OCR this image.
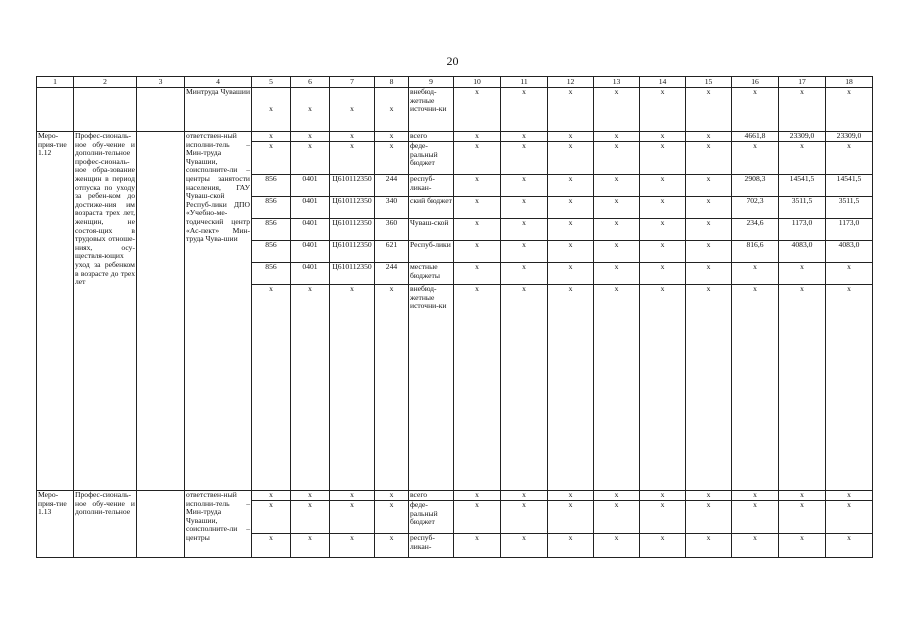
20
1	2	3	4	5	6	7	8	9	10	11	12	13	14	15	16	17	18
			Минтруда Чувашии	x	x	x	x	внебюд-жетные источни-ки	x	x	x	x	x	x	x	x	x
Меро-прия-тие 1.12	Профес-сиональ-ное обу-чение и дополни-тельное профес-сиональ-ное обра-зование женщин в период отпуска по уходу за ребен-ком до достиже-ния им возраста трех лет, женщин, не состоя-щих в трудовых отноше-ниях, осу-ществля-ющих уход за ребенком в возрасте до трех лет		ответствен-ный исполни-тель – Мин-труда Чувашии, соисполните-ли – центры занятости населения, ГАУ Чуваш-ской Респуб-лики ДПО «Учебно-ме-тодический центр «Ас-пект» Мин-труда Чува-шии	x	x	x	x	всего	x	x	x	x	x	x	4661,8	23309,0	23309,0
				x	x	x	x	феде-ральный бюджет	x	x	x	x	x	x	x	x	x
				856	0401	Ц610112350	244	респуб-ликан-	x	x	x	x	x	x	2908,3	14541,5	14541,5
				856	0401	Ц610112350	340	ский бюджет	x	x	x	x	x	x	702,3	3511,5	3511,5
				856	0401	Ц610112350	360	Чуваш-ской	x	x	x	x	x	x	234,6	1173,0	1173,0
				856	0401	Ц610112350	621	Респуб-лики	x	x	x	x	x	x	816,6	4083,0	4083,0
				856	0401	Ц610112350	244	местные бюджеты	x	x	x	x	x	x	x	x	x
				x	x	x	x	внебюд-жетные источни-ки	x	x	x	x	x	x	x	x	x
Меро-прия-тие 1.13	Профес-сиональ-ное обу-чение и дополни-тельное		ответствен-ный исполни-тель – Мин-труда Чувашии, соисполните-ли – центры	x	x	x	x	всего	x	x	x	x	x	x	x	x	x
				x	x	x	x	феде-ральный бюджет	x	x	x	x	x	x	x	x	x
				x	x	x	x	респуб-ликан-	x	x	x	x	x	x	x	x	x
